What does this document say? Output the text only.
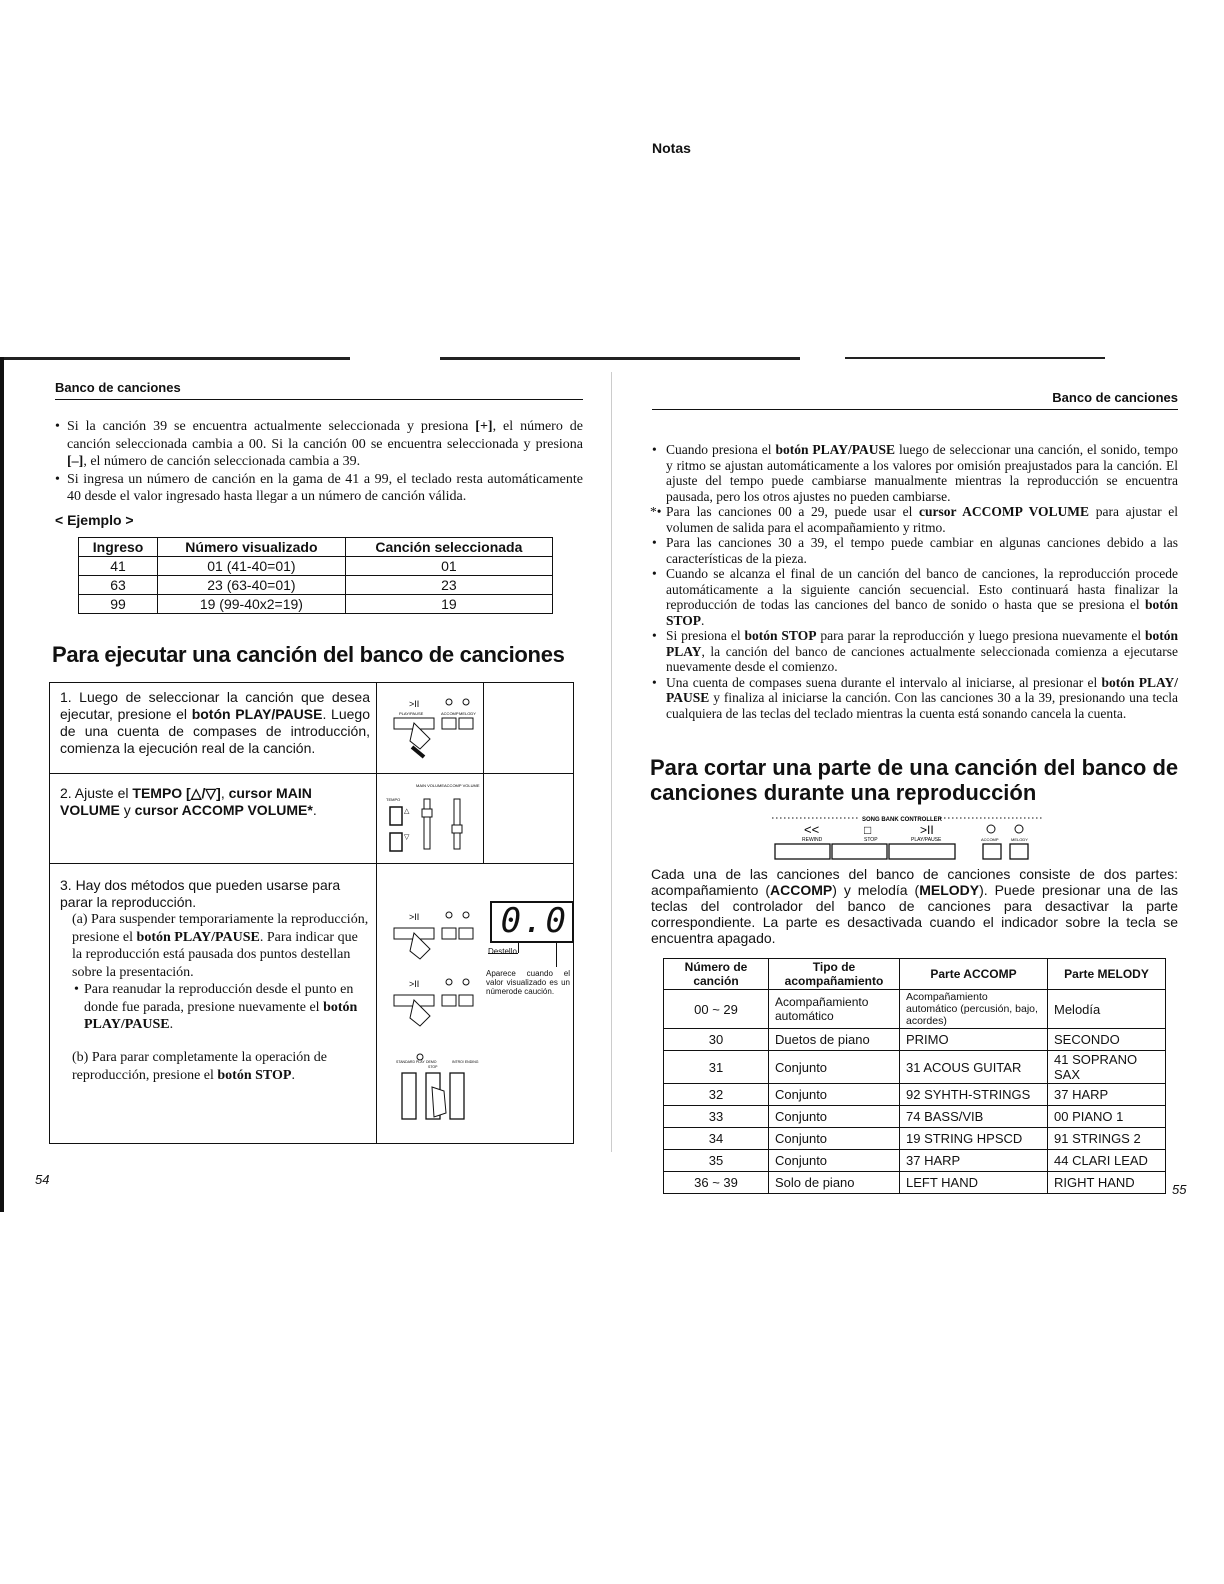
Banco de canciones
• Si la canción 39 se encuentra actualmente seleccionada y presiona [+], el número de canción seleccionada cambia a 00. Si la canción 00 se encuentra seleccionada y presiona [–], el número de canción seleccionada cambia a 39.
• Si ingresa un número de canción en la gama de 41 a 99, el teclado resta automáticamente 40 desde el valor ingresado hasta llegar a un número de canción válida.
< Ejemplo >
Ingreso	Número visualizado	Canción seleccionada
41	01 (41-40=01)	01
63	23 (63-40=01)	23
99	19 (99-40x2=19)	19
Para ejecutar una canción del banco de canciones
1. Luego de seleccionar la canción que desea ejecutar, presione el botón PLAY/PAUSE. Luego de una cuenta de compases de introducción, comienza la ejecución real de la canción.
2. Ajuste el TEMPO [△/▽], cursor MAIN VOLUME y cursor ACCOMP VOLUME*.
3. Hay dos métodos que pueden usarse para parar la reproducción.
(a) Para suspender temporariamente la reproducción, presione el botón PLAY/PAUSE. Para indicar que la reproducción está pausada dos puntos destellan sobre la presentación.
• Para reanudar la reproducción desde el punto en donde fue parada, presione nuevamente el botón PLAY/PAUSE.
(b) Para parar completamente la operación de reproducción, presione el botón STOP.
>II
PLAY/PAUSE	ACCOMP MELODY
TEMPO
MAIN VOLUME ACCOMP VOLUME
△
▽
>II
>II
STANDARD PLAY DEMO
STOP
INTRO/ ENDING
0.0
Destello
Aparece cuando el valor visualizado es un númerode caución.
54
Banco de canciones
Notas
• Cuando presiona el botón PLAY/PAUSE luego de seleccionar una canción, el sonido, tempo y ritmo se ajustan automáticamente a los valores por omisión preajustados para la canción. El ajuste del tempo puede cambiarse manualmente mientras la reproducción se encuentra pausada, pero los otros ajustes no pueden cambiarse.
*• Para las canciones 00 a 29, puede usar el cursor ACCOMP VOLUME para ajustar el volumen de salida para el acompañamiento y ritmo.
• Para las canciones 30 a 39, el tempo puede cambiar en algunas canciones debido a las características de la pieza.
• Cuando se alcanza el final de un canción del banco de canciones, la reproducción procede automáticamente a la siguiente canción secuencial. Esto continuará hasta finalizar la reproducción de todas las canciones del banco de sonido o hasta que se presiona el botón STOP.
• Si presiona el botón STOP para parar la reproducción y luego presiona nuevamente el botón PLAY, la canción del banco de canciones actualmente seleccionada comienza a ejecutarse nuevamente desde el comienzo.
• Una cuenta de compases suena durante el intervalo al iniciarse, al presionar el botón PLAY/ PAUSE y finaliza al iniciarse la canción. Con las canciones 30 a la 39, presionando una tecla cualquiera de las teclas del teclado mientras la cuenta está sonando cancela la cuenta.
Para cortar una parte de una canción del banco de canciones durante una reproducción
SONG BANK CONTROLLER
<<
REWIND
□
STOP
>II
PLAY/PAUSE	ACCOMP	MELODY
Cada una de las canciones del banco de canciones consiste de dos partes: acompañamiento (ACCOMP) y melodía (MELODY). Puede presionar una de las teclas del controlador del banco de canciones para desactivar la parte correspondiente. La parte es desactivada cuando el indicador sobre la tecla se encuentra apagado.
Número de canción	Tipo de acompañamiento	Parte ACCOMP	Parte MELODY
00 ~ 29	Acompañamiento automático	Acompañamiento automático (percusión, bajo, acordes)	Melodía
30	Duetos de piano	PRIMO	SECONDO
31	Conjunto	31 ACOUS GUITAR	41 SOPRANO SAX
32	Conjunto	92 SYHTH-STRINGS	37 HARP
33	Conjunto	74 BASS/VIB	00 PIANO 1
34	Conjunto	19 STRING HPSCD	91 STRINGS 2
35	Conjunto	37 HARP	44 CLARI LEAD
36 ~ 39	Solo de piano	LEFT HAND	RIGHT HAND	55
